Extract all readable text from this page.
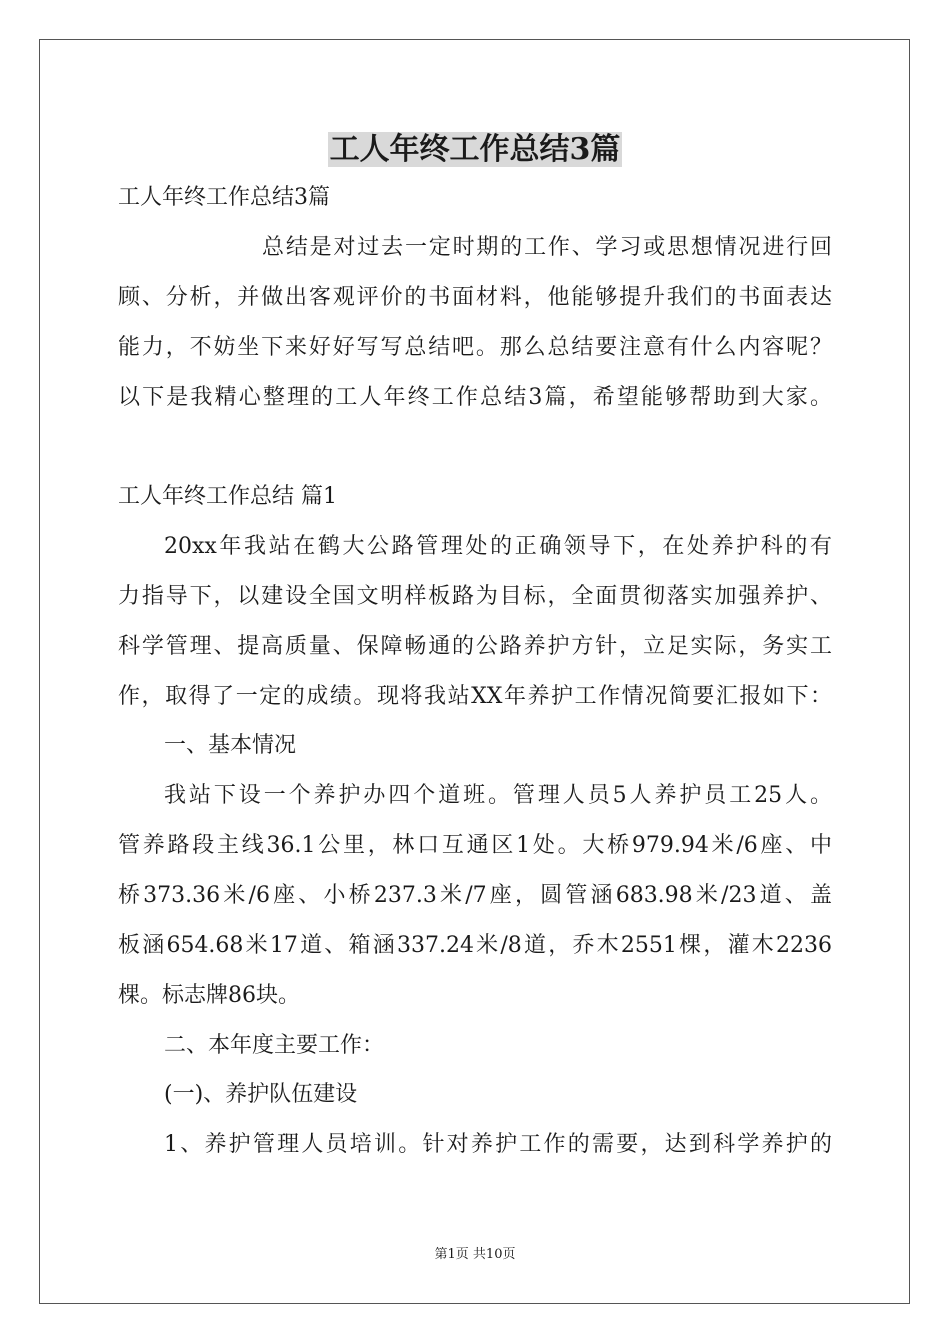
工人年终工作总结3篇
工人年终工作总结3篇
总结是对过去一定时期的工作、学习或思想情况进行回
顾、分析，并做出客观评价的书面材料，他能够提升我们的书面表达
能力，不妨坐下来好好写写总结吧。那么总结要注意有什么内容呢？
以下是我精心整理的工人年终工作总结3篇，希望能够帮助到大家。
工人年终工作总结 篇1
20xx年我站在鹤大公路管理处的正确领导下，在处养护科的有
力指导下，以建设全国文明样板路为目标，全面贯彻落实加强养护、
科学管理、提高质量、保障畅通的公路养护方针，立足实际，务实工
作，取得了一定的成绩。现将我站XX年养护工作情况简要汇报如下：
一、基本情况
我站下设一个养护办四个道班。管理人员5人养护员工25人。
管养路段主线36.1公里，林口互通区1处。大桥979.94米/6座、中
桥373.36米/6座、小桥237.3米/7座，圆管涵683.98米/23道、盖
板涵654.68米17道、箱涵337.24米/8道，乔木2551棵，灌木2236
棵。标志牌86块。
二、本年度主要工作：
(一)、养护队伍建设
1、养护管理人员培训。针对养护工作的需要，达到科学养护的
第1页 共10页
